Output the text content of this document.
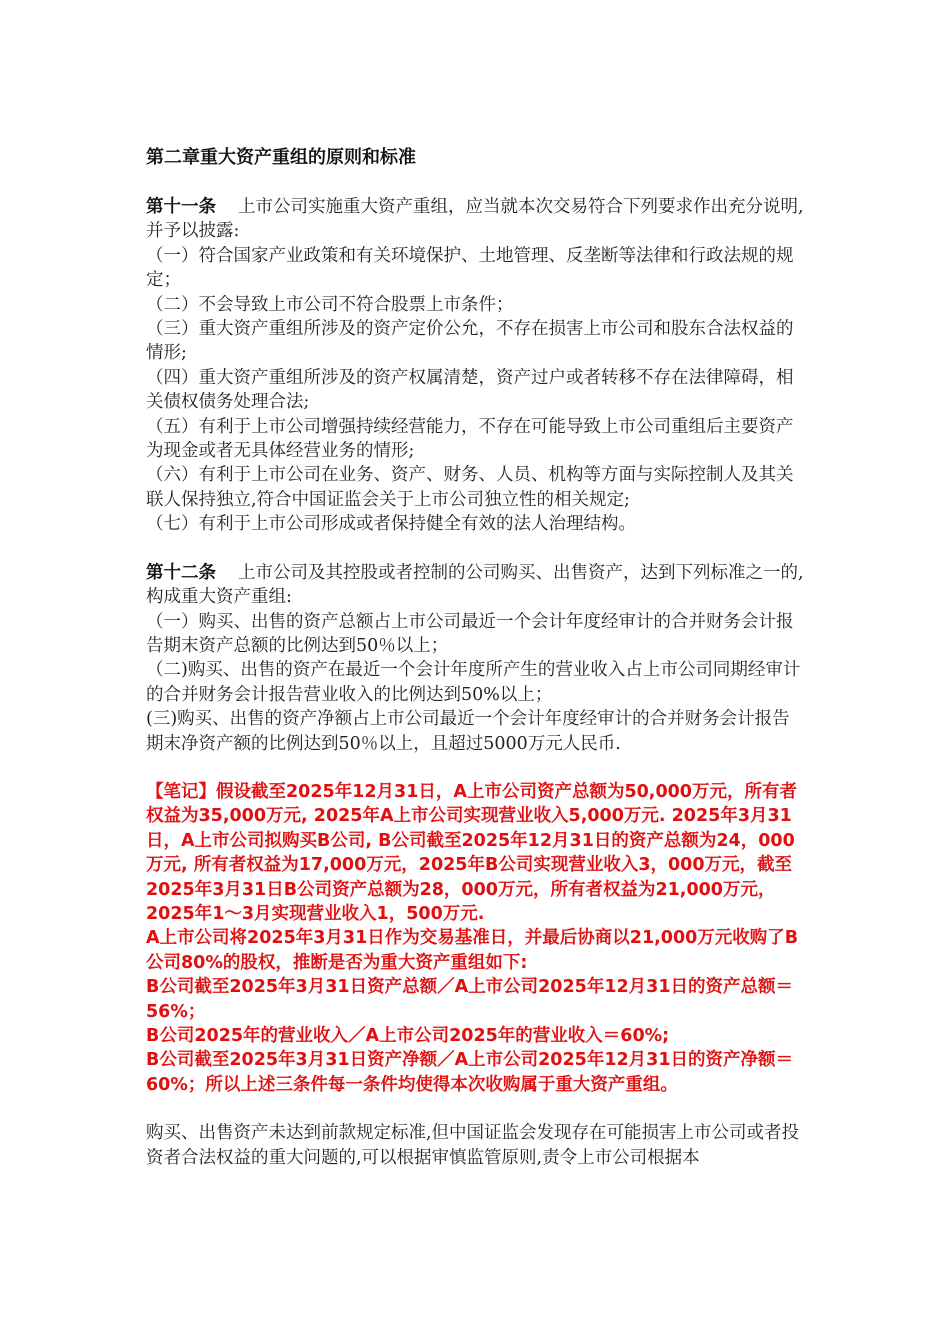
第二章重大资产重组的原则和标准

第十一条 上市公司实施重大资产重组，应当就本次交易符合下列要求作出充分说明,并予以披露:

（一）符合国家产业政策和有关环境保护、土地管理、反垄断等法律和行政法规的规定；

（二）不会导致上市公司不符合股票上市条件；

（三）重大资产重组所涉及的资产定价公允，不存在损害上市公司和股东合法权益的情形;

（四）重大资产重组所涉及的资产权属清楚，资产过户或者转移不存在法律障碍，相关债权债务处理合法;

（五）有利于上市公司增强持续经营能力，不存在可能导致上市公司重组后主要资产为现金或者无具体经营业务的情形;

（六）有利于上市公司在业务、资产、财务、人员、机构等方面与实际控制人及其关联人保持独立,符合中国证监会关于上市公司独立性的相关规定;

（七）有利于上市公司形成或者保持健全有效的法人治理结构。

第十二条 上市公司及其控股或者控制的公司购买、出售资产，达到下列标准之一的,构成重大资产重组:

（一）购买、出售的资产总额占上市公司最近一个会计年度经审计的合并财务会计报告期末资产总额的比例达到50％以上；

（二)购买、出售的资产在最近一个会计年度所产生的营业收入占上市公司同期经审计的合并财务会计报告营业收入的比例达到50%以上；

(三)购买、出售的资产净额占上市公司最近一个会计年度经审计的合并财务会计报告期末净资产额的比例达到50％以上，且超过5000万元人民币.

【笔记】假设截至2025年12月31日，A上市公司资产总额为50,000万元，所有者权益为35,000万元, 2025年A上市公司实现营业收入5,000万元. 2025年3月31日，A上市公司拟购买B公司, B公司截至2025年12月31日的资产总额为24，000万元, 所有者权益为17,000万元，2025年B公司实现营业收入3，000万元，截至2025年3月31日B公司资产总额为28，000万元，所有者权益为21,000万元，2025年1～3月实现营业收入1，500万元.

A上市公司将2025年3月31日作为交易基准日，并最后协商以21,000万元收购了B公司80%的股权，推断是否为重大资产重组如下:

B公司截至2025年3月31日资产总额／A上市公司2025年12月31日的资产总额＝56%；

B公司2025年的营业收入／A上市公司2025年的营业收入＝60%;

B公司截至2025年3月31日资产净额／A上市公司2025年12月31日的资产净额＝60%；所以上述三条件每一条件均使得本次收购属于重大资产重组。

购买、出售资产未达到前款规定标准,但中国证监会发现存在可能损害上市公司或者投资者合法权益的重大问题的,可以根据审慎监管原则,责令上市公司根据本
